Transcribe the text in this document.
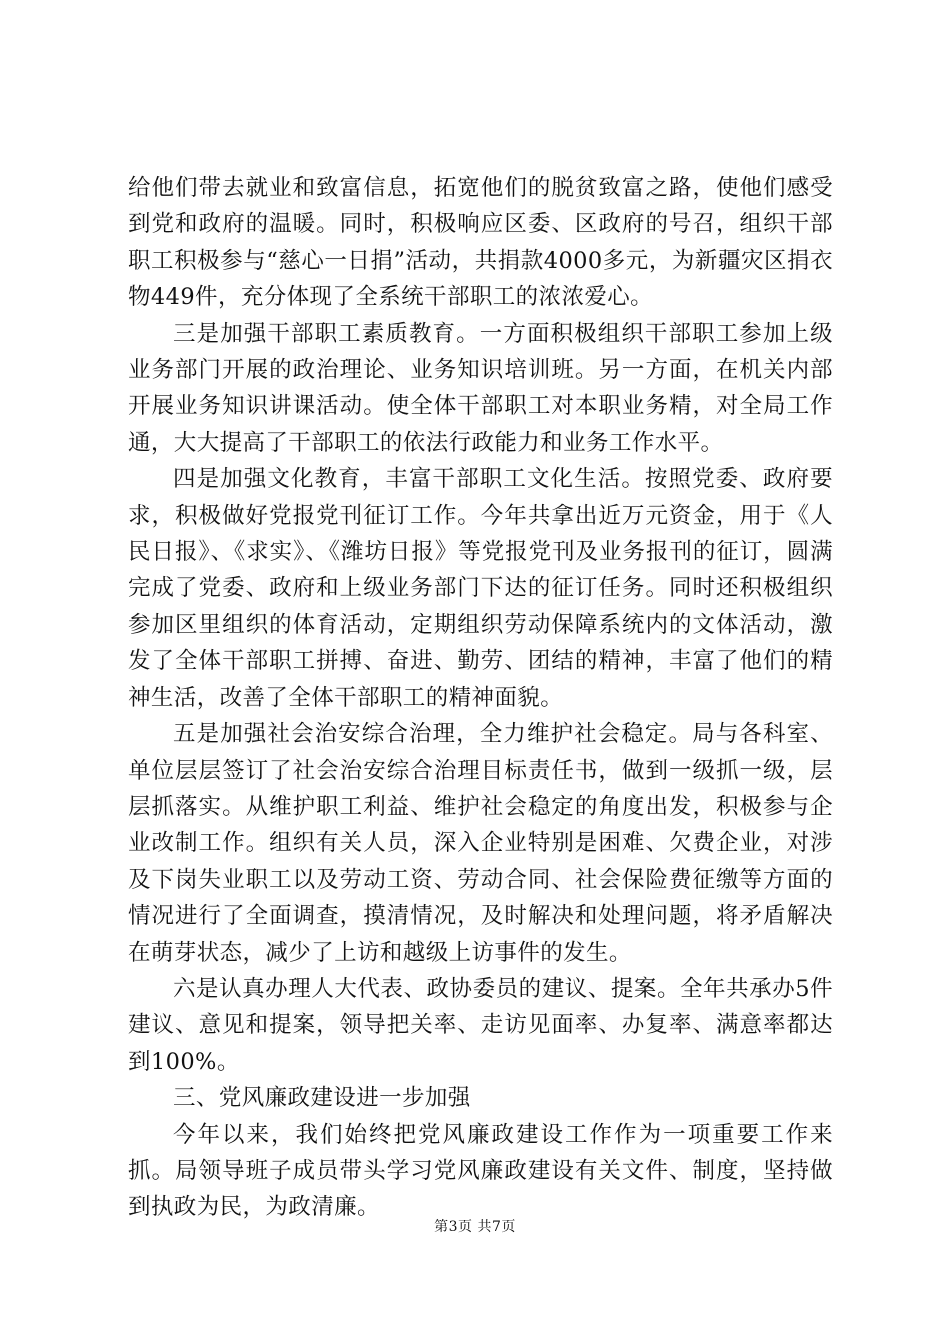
给他们带去就业和致富信息，拓宽他们的脱贫致富之路，使他们感受到党和政府的温暖。同时，积极响应区委、区政府的号召，组织干部职工积极参与“慈心一日捐”活动，共捐款4000多元，为新疆灾区捐衣物449件，充分体现了全系统干部职工的浓浓爱心。

三是加强干部职工素质教育。一方面积极组织干部职工参加上级业务部门开展的政治理论、业务知识培训班。另一方面，在机关内部开展业务知识讲课活动。使全体干部职工对本职业务精，对全局工作通，大大提高了干部职工的依法行政能力和业务工作水平。

四是加强文化教育，丰富干部职工文化生活。按照党委、政府要求，积极做好党报党刊征订工作。今年共拿出近万元资金，用于《人民日报》、《求实》、《潍坊日报》等党报党刊及业务报刊的征订，圆满完成了党委、政府和上级业务部门下达的征订任务。同时还积极组织参加区里组织的体育活动，定期组织劳动保障系统内的文体活动，激发了全体干部职工拼搏、奋进、勤劳、团结的精神，丰富了他们的精神生活，改善了全体干部职工的精神面貌。

五是加强社会治安综合治理，全力维护社会稳定。局与各科室、单位层层签订了社会治安综合治理目标责任书，做到一级抓一级，层层抓落实。从维护职工利益、维护社会稳定的角度出发，积极参与企业改制工作。组织有关人员，深入企业特别是困难、欠费企业，对涉及下岗失业职工以及劳动工资、劳动合同、社会保险费征缴等方面的情况进行了全面调查，摸清情况，及时解决和处理问题，将矛盾解决在萌芽状态，减少了上访和越级上访事件的发生。

六是认真办理人大代表、政协委员的建议、提案。全年共承办5件建议、意见和提案，领导把关率、走访见面率、办复率、满意率都达到100%。

三、党风廉政建设进一步加强

今年以来，我们始终把党风廉政建设工作作为一项重要工作来抓。局领导班子成员带头学习党风廉政建设有关文件、制度，坚持做到执政为民，为政清廉。

第3页 共7页
